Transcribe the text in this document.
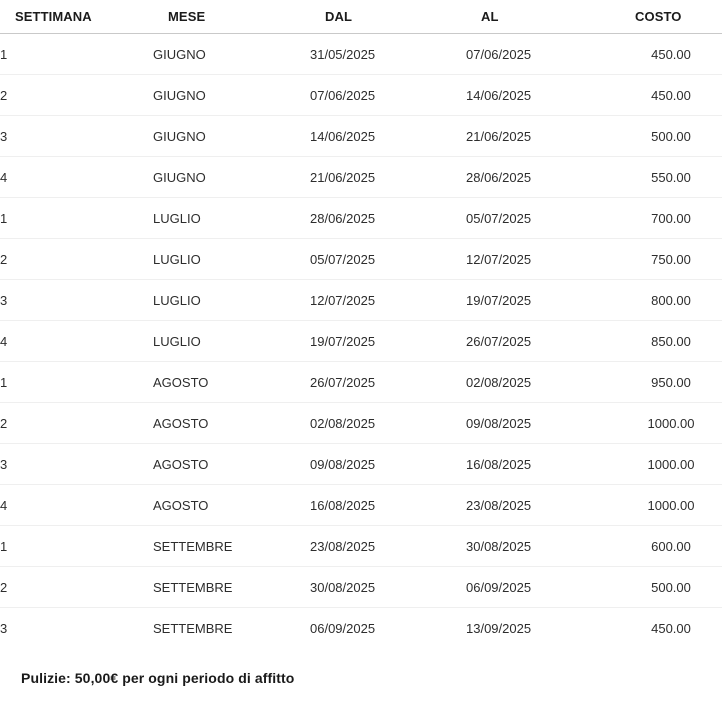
SETTIMANA	MESE	DAL	AL	COSTO
1	GIUGNO	31/05/2025	07/06/2025	450.00
2	GIUGNO	07/06/2025	14/06/2025	450.00
3	GIUGNO	14/06/2025	21/06/2025	500.00
4	GIUGNO	21/06/2025	28/06/2025	550.00
1	LUGLIO	28/06/2025	05/07/2025	700.00
2	LUGLIO	05/07/2025	12/07/2025	750.00
3	LUGLIO	12/07/2025	19/07/2025	800.00
4	LUGLIO	19/07/2025	26/07/2025	850.00
1	AGOSTO	26/07/2025	02/08/2025	950.00
2	AGOSTO	02/08/2025	09/08/2025	1000.00
3	AGOSTO	09/08/2025	16/08/2025	1000.00
4	AGOSTO	16/08/2025	23/08/2025	1000.00
1	SETTEMBRE	23/08/2025	30/08/2025	600.00
2	SETTEMBRE	30/08/2025	06/09/2025	500.00
3	SETTEMBRE	06/09/2025	13/09/2025	450.00

Pulizie: 50,00€ per ogni periodo di affitto
